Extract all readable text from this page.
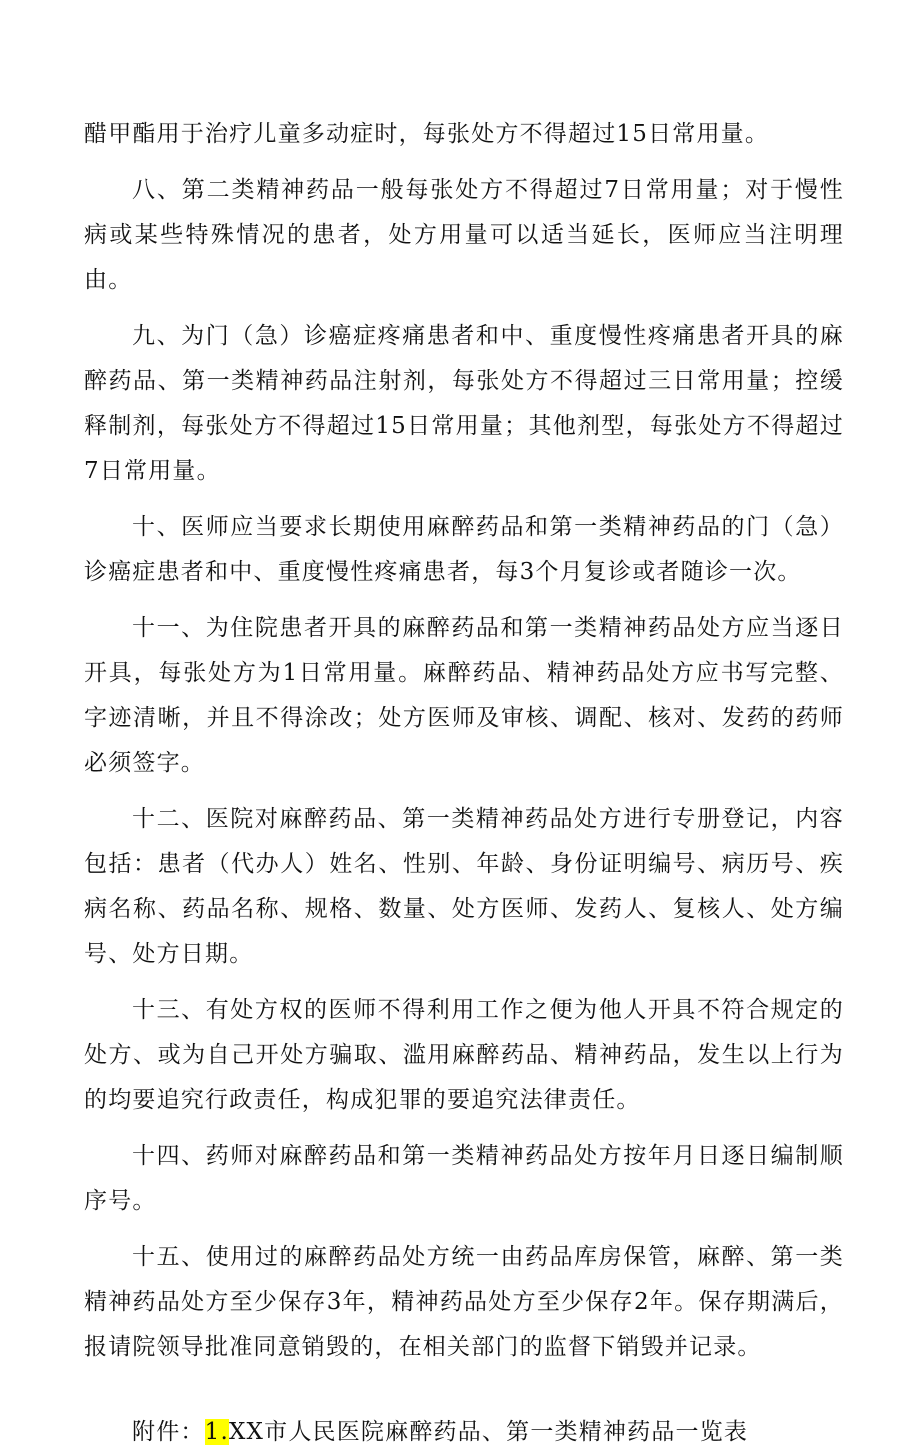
醋甲酯用于治疗儿童多动症时，每张处方不得超过15日常用量。

八、第二类精神药品一般每张处方不得超过7日常用量；对于慢性病或某些特殊情况的患者，处方用量可以适当延长，医师应当注明理由。

九、为门（急）诊癌症疼痛患者和中、重度慢性疼痛患者开具的麻醉药品、第一类精神药品注射剂，每张处方不得超过三日常用量；控缓释制剂，每张处方不得超过15日常用量；其他剂型，每张处方不得超过7日常用量。

十、医师应当要求长期使用麻醉药品和第一类精神药品的门（急）诊癌症患者和中、重度慢性疼痛患者，每3个月复诊或者随诊一次。

十一、为住院患者开具的麻醉药品和第一类精神药品处方应当逐日开具，每张处方为1日常用量。麻醉药品、精神药品处方应书写完整、字迹清晰，并且不得涂改；处方医师及审核、调配、核对、发药的药师必须签字。

十二、医院对麻醉药品、第一类精神药品处方进行专册登记，内容包括：患者（代办人）姓名、性别、年龄、身份证明编号、病历号、疾病名称、药品名称、规格、数量、处方医师、发药人、复核人、处方编号、处方日期。

十三、有处方权的医师不得利用工作之便为他人开具不符合规定的处方、或为自己开处方骗取、滥用麻醉药品、精神药品，发生以上行为的均要追究行政责任，构成犯罪的要追究法律责任。

十四、药师对麻醉药品和第一类精神药品处方按年月日逐日编制顺序号。

十五、使用过的麻醉药品处方统一由药品库房保管，麻醉、第一类精神药品处方至少保存3年，精神药品处方至少保存2年。保存期满后，报请院领导批准同意销毁的，在相关部门的监督下销毁并记录。

附件：1.XX市人民医院麻醉药品、第一类精神药品一览表
